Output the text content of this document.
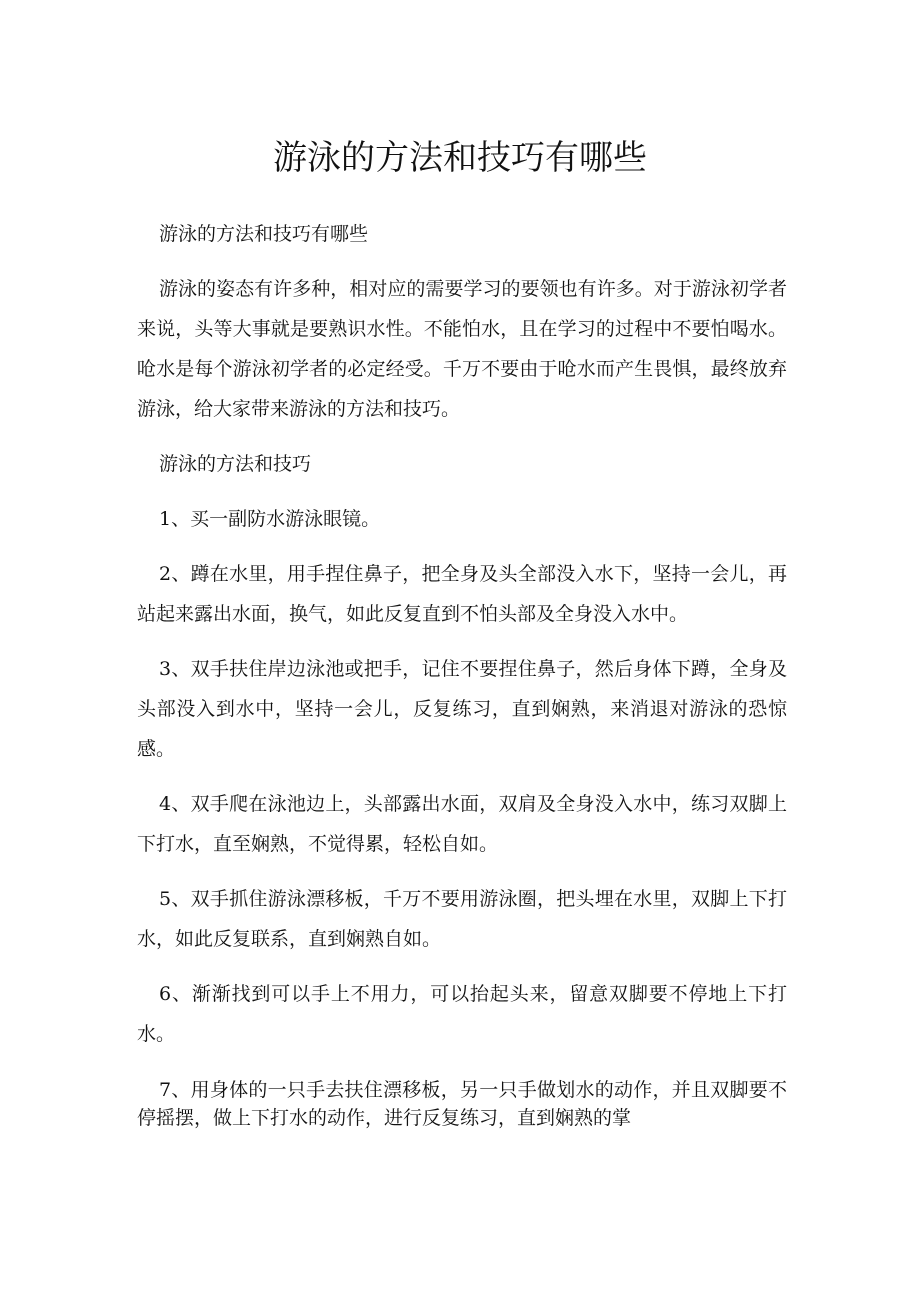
游泳的方法和技巧有哪些

游泳的方法和技巧有哪些

游泳的姿态有许多种，相对应的需要学习的要领也有许多。对于游泳初学者来说，头等大事就是要熟识水性。不能怕水，且在学习的过程中不要怕喝水。呛水是每个游泳初学者的必定经受。千万不要由于呛水而产生畏惧，最终放弃游泳，给大家带来游泳的方法和技巧。

游泳的方法和技巧

1、买一副防水游泳眼镜。

2、蹲在水里，用手捏住鼻子，把全身及头全部没入水下，坚持一会儿，再站起来露出水面，换气，如此反复直到不怕头部及全身没入水中。

3、双手扶住岸边泳池或把手，记住不要捏住鼻子，然后身体下蹲，全身及头部没入到水中，坚持一会儿，反复练习，直到娴熟，来消退对游泳的恐惊感。

4、双手爬在泳池边上，头部露出水面，双肩及全身没入水中，练习双脚上下打水，直至娴熟，不觉得累，轻松自如。

5、双手抓住游泳漂移板，千万不要用游泳圈，把头埋在水里，双脚上下打水，如此反复联系，直到娴熟自如。

6、渐渐找到可以手上不用力，可以抬起头来，留意双脚要不停地上下打水。

7、用身体的一只手去扶住漂移板，另一只手做划水的动作，并且双脚要不停摇摆，做上下打水的动作，进行反复练习，直到娴熟的掌
